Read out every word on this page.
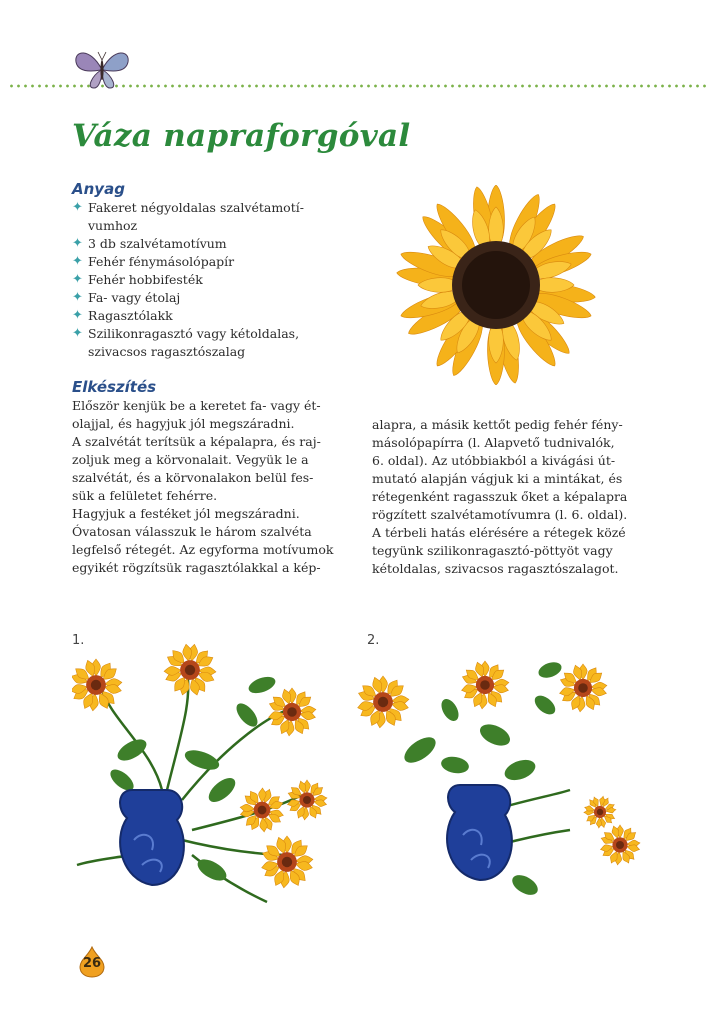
Váza napraforgóval
Anyag
✦ Fakeret négyoldalas szalvétamotí-vumhoz
✦ 3 db szalvétamotívum
✦ Fehér fénymásolópapír
✦ Fehér hobbifesték
✦ Fa- vagy étolaj
✦ Ragasztólakk
✦ Szilikonragasztó vagy kétoldalas, szivacsos ragasztószalag
Elkészítés

Először kenjük be a keretet fa- vagy ét-

olajjal, és hagyjuk jól megszáradni.

A szalvétát terítsük a képalapra, és raj-

zoljuk meg a körvonalait. Vegyük le a

szalvétát, és a körvonalakon belül fes-

sük a felületet fehérre.

Hagyjuk a festéket jól megszáradni.

Óvatosan válasszuk le három szalvéta

legfelső rétegét. Az egyforma motívumok

egyikét rögzítsük ragasztólakkal a kép-

alapra, a másik kettőt pedig fehér fény-

másolópapírra (l. Alapvető tudnivalók,

6. oldal). Az utóbbiakból a kivágási út-

mutató alapján vágjuk ki a mintákat, és

rétegenként ragasszuk őket a képalapra

rögzített szalvétamotívumra (l. 6. oldal).

A térbeli hatás elérésére a rétegek közé

tegyünk szilikonragasztó-pöttyöt vagy

kétoldalas, szivacsos ragasztószalagot.

1.	2.
26
